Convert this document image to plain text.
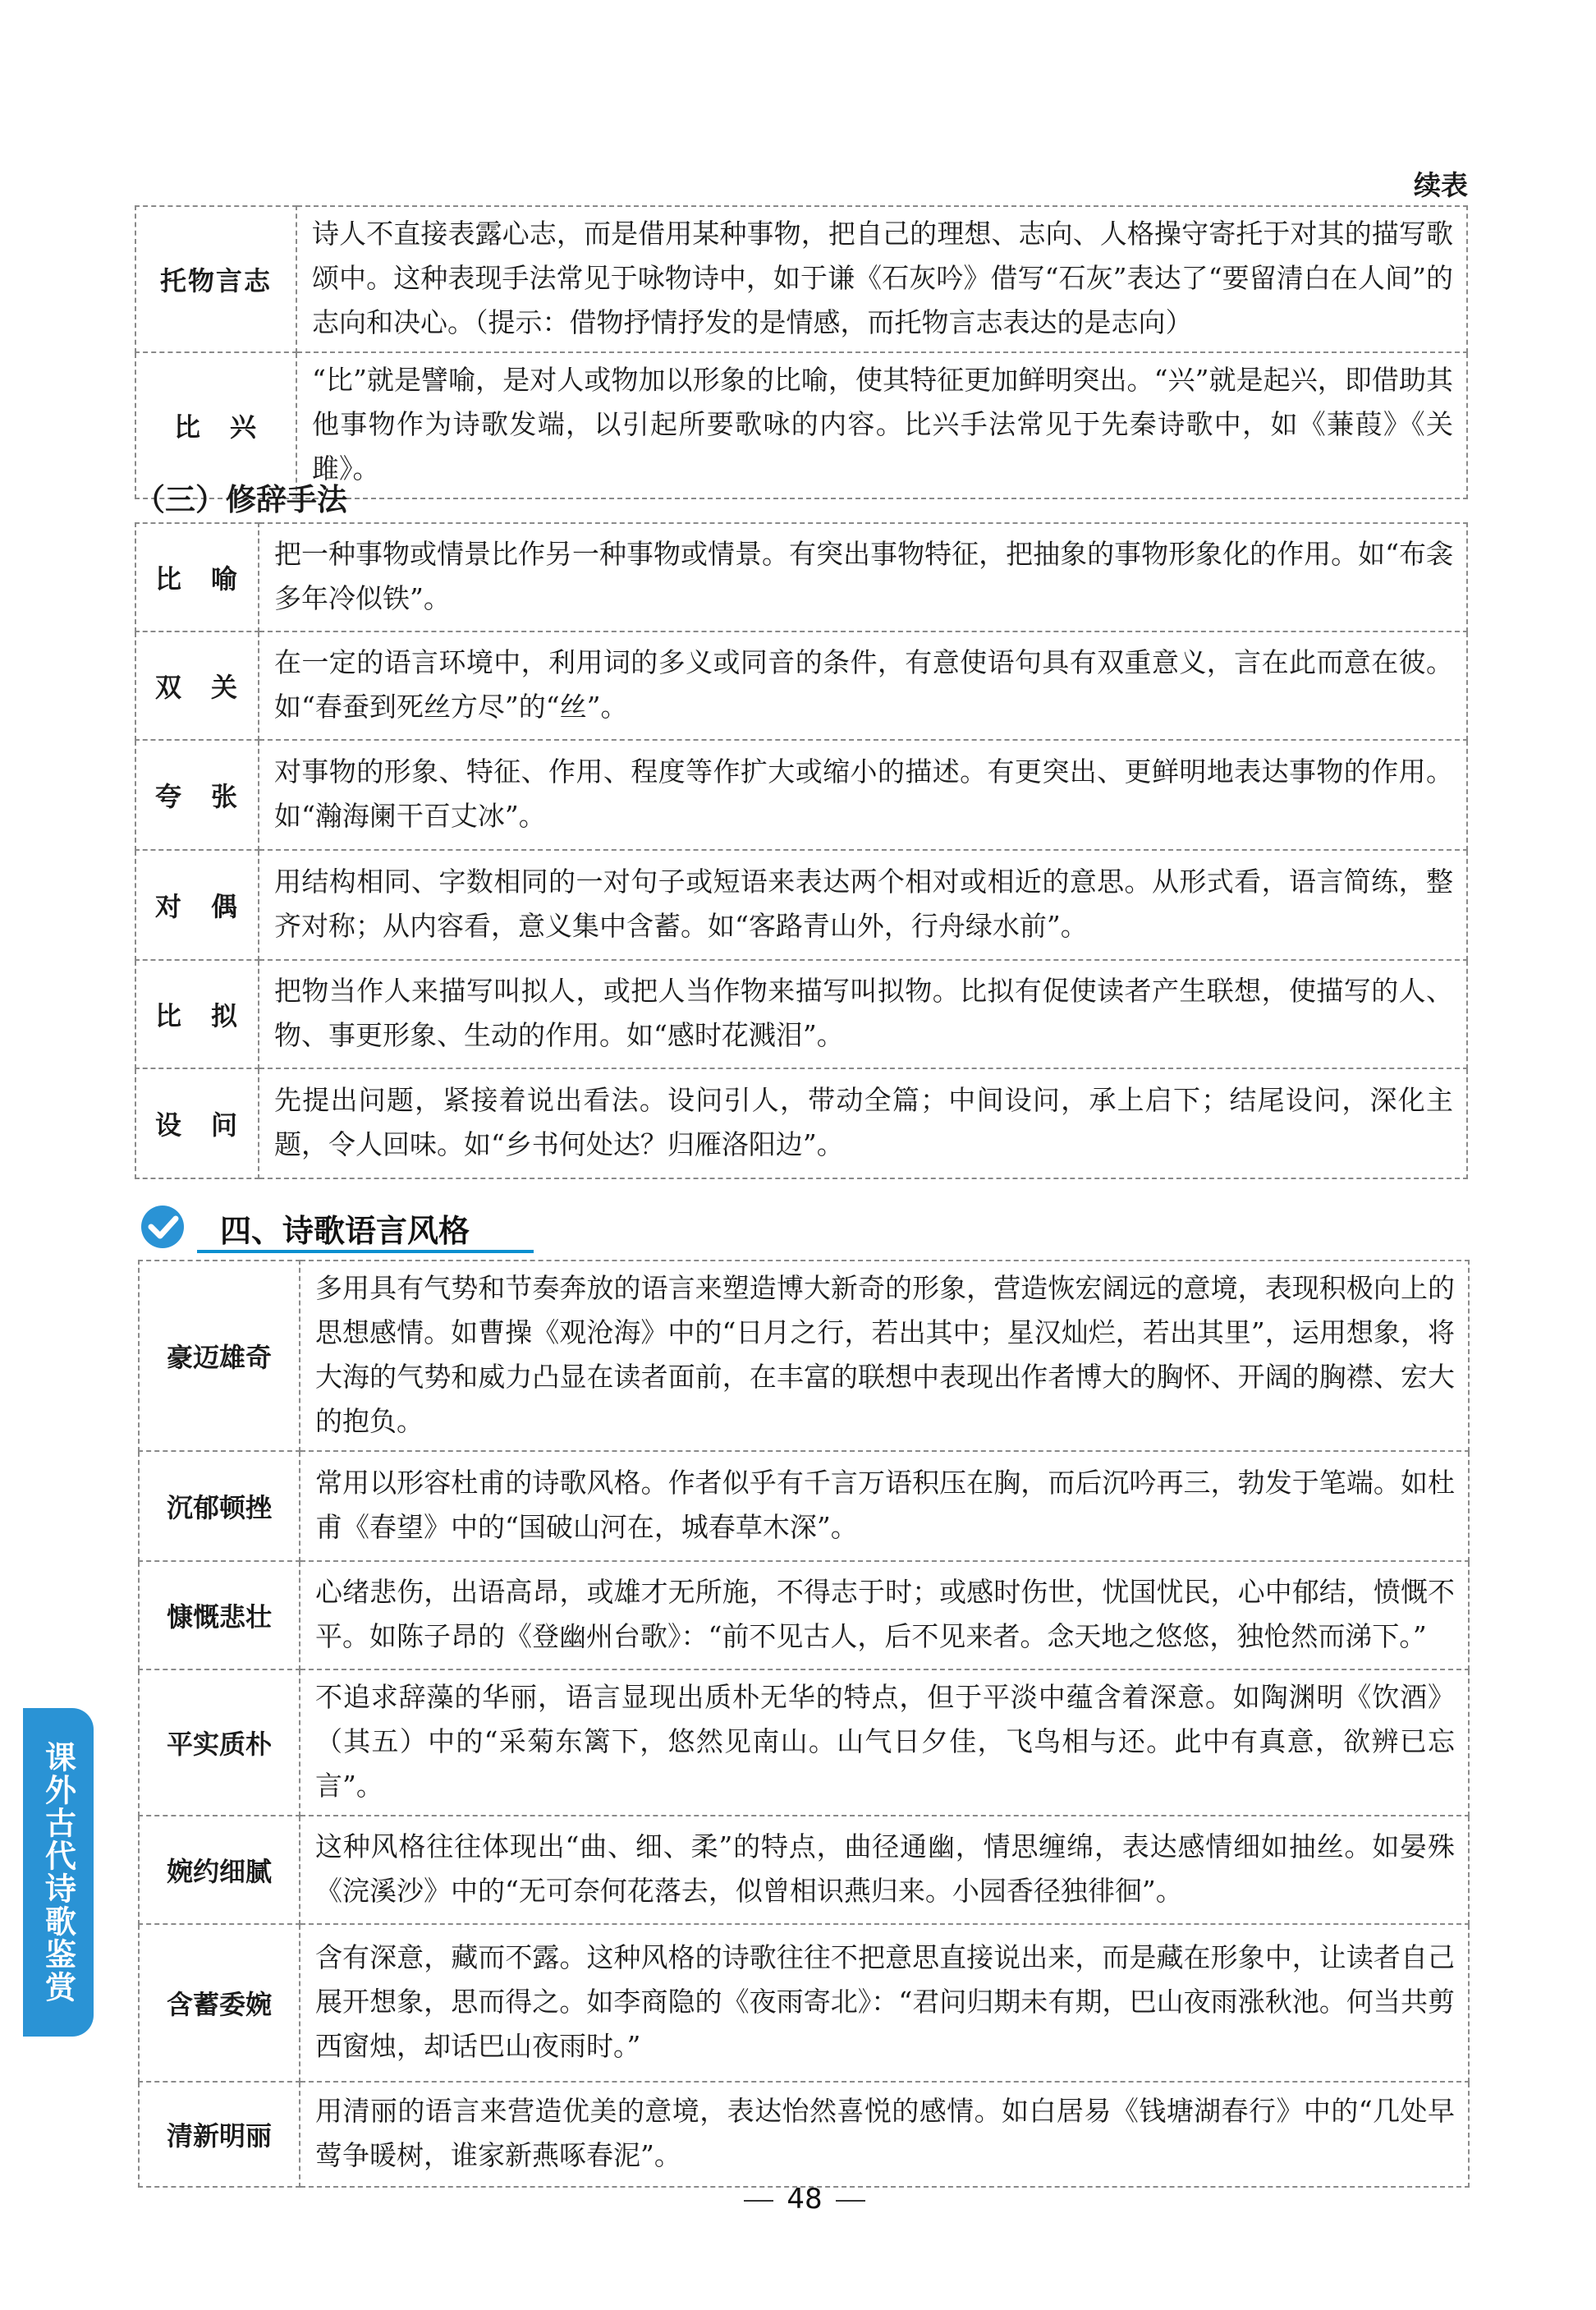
续表
托物言志	诗人不直接表露心志，而是借用某种事物，把自己的理想、志向、人格操守寄托于对其的描写歌颂中。这种表现手法常见于咏物诗中，如于谦《石灰吟》借写“石灰”表达了“要留清白在人间”的志向和决心。（提示：借物抒情抒发的是情感，而托物言志表达的是志向）
比　兴	“比”就是譬喻，是对人或物加以形象的比喻，使其特征更加鲜明突出。“兴”就是起兴，即借助其他事物作为诗歌发端，以引起所要歌咏的内容。比兴手法常见于先秦诗歌中，如《蒹葭》《关雎》。
（三）修辞手法
比　喻	把一种事物或情景比作另一种事物或情景。有突出事物特征，把抽象的事物形象化的作用。如“布衾多年冷似铁”。
双　关	在一定的语言环境中，利用词的多义或同音的条件，有意使语句具有双重意义，言在此而意在彼。如“春蚕到死丝方尽”的“丝”。
夸　张	对事物的形象、特征、作用、程度等作扩大或缩小的描述。有更突出、更鲜明地表达事物的作用。如“瀚海阑干百丈冰”。
对　偶	用结构相同、字数相同的一对句子或短语来表达两个相对或相近的意思。从形式看，语言简练，整齐对称；从内容看，意义集中含蓄。如“客路青山外，行舟绿水前”。
比　拟	把物当作人来描写叫拟人，或把人当作物来描写叫拟物。比拟有促使读者产生联想，使描写的人、物、事更形象、生动的作用。如“感时花溅泪”。
设　问	先提出问题，紧接着说出看法。设问引人，带动全篇；中间设问，承上启下；结尾设问，深化主题，令人回味。如“乡书何处达？归雁洛阳边”。
四、诗歌语言风格
豪迈雄奇	多用具有气势和节奏奔放的语言来塑造博大新奇的形象，营造恢宏阔远的意境，表现积极向上的思想感情。如曹操《观沧海》中的“日月之行，若出其中；星汉灿烂，若出其里”，运用想象，将大海的气势和威力凸显在读者面前，在丰富的联想中表现出作者博大的胸怀、开阔的胸襟、宏大的抱负。
沉郁顿挫	常用以形容杜甫的诗歌风格。作者似乎有千言万语积压在胸，而后沉吟再三，勃发于笔端。如杜甫《春望》中的“国破山河在，城春草木深”。
慷慨悲壮	心绪悲伤，出语高昂，或雄才无所施，不得志于时；或感时伤世，忧国忧民，心中郁结，愤慨不平。如陈子昂的《登幽州台歌》：“前不见古人，后不见来者。念天地之悠悠，独怆然而涕下。”
平实质朴	不追求辞藻的华丽，语言显现出质朴无华的特点，但于平淡中蕴含着深意。如陶渊明《饮酒》（其五）中的“采菊东篱下，悠然见南山。山气日夕佳，飞鸟相与还。此中有真意，欲辨已忘言”。
婉约细腻	这种风格往往体现出“曲、细、柔”的特点，曲径通幽，情思缠绵，表达感情细如抽丝。如晏殊《浣溪沙》中的“无可奈何花落去，似曾相识燕归来。小园香径独徘徊”。
含蓄委婉	含有深意，藏而不露。这种风格的诗歌往往不把意思直接说出来，而是藏在形象中，让读者自己展开想象，思而得之。如李商隐的《夜雨寄北》：“君问归期未有期，巴山夜雨涨秋池。何当共剪西窗烛，却话巴山夜雨时。”
清新明丽	用清丽的语言来营造优美的意境，表达怡然喜悦的感情。如白居易《钱塘湖春行》中的“几处早莺争暖树，谁家新燕啄春泥”。
课外古代诗歌鉴赏
48
